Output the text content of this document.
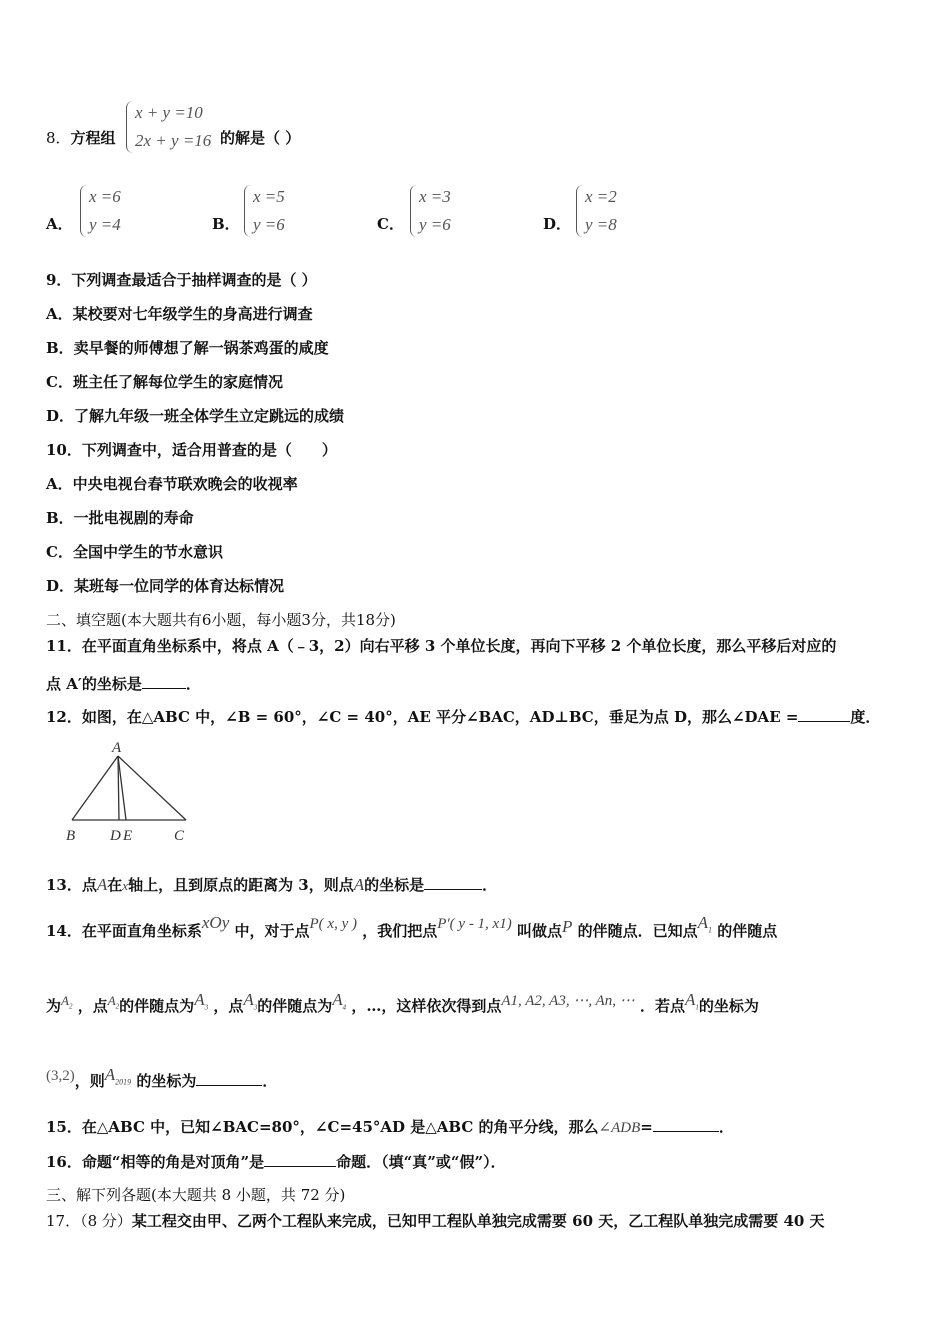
8．方程组
x + y =10
2x + y =16 的解是（ ）
A．
x =6
y =4	B．
x =5
y =6	C．
x =3
y =6	D．
x =2
y =8
9．下列调查最适合于抽样调查的是（ ）
A．某校要对七年级学生的身高进行调查
B．卖早餐的师傅想了解一锅茶鸡蛋的咸度
C．班主任了解每位学生的家庭情况
D．了解九年级一班全体学生立定跳远的成绩
10．下列调查中，适合用普查的是（　　）
A．中央电视台春节联欢晚会的收视率
B．一批电视剧的寿命
C．全国中学生的节水意识
D．某班每一位同学的体育达标情况
二、填空题(本大题共有6小题，每小题3分，共18分)
11．在平面直角坐标系中，将点 A（﹣3，2）向右平移 3 个单位长度，再向下平移 2 个单位长度，那么平移后对应的
点 A′的坐标是	．
12．如图，在△ABC 中，∠B = 60°，∠C = 40°，AE 平分∠BAC，AD⊥BC，垂足为点 D，那么∠DAE =	度．
A
B D E	C
13．点A在x轴上，且到原点的距离为 3，则点A的坐标是	．
14．在平面直角坐标系xOy 中，对于点P( x, y ) ，我们把点P′( y - 1, x1) 叫做点P 的伴随点．已知点$A_1$ 的伴随点
为$A_2$ ，点$A_2$的伴随点为$A_3$ ，点$A_3$的伴随点为$A_4$ ，…，这样依次得到点A1, A2, A3, ⋯, An, ⋯ ．若点$A_1$的坐标为
(3,2)，则$A_{2019}$ 的坐标为	．
15．在△ABC 中，已知∠BAC=80°，∠C=45°AD 是△ABC 的角平分线，那么∠ADB=	．
16．命题“相等的角是对顶角”是	命题．（填“真”或“假”）．
三、解下列各题(本大题共 8 小题，共 72 分)
17．（8 分）某工程交由甲、乙两个工程队来完成，已知甲工程队单独完成需要 60 天，乙工程队单独完成需要 40 天
